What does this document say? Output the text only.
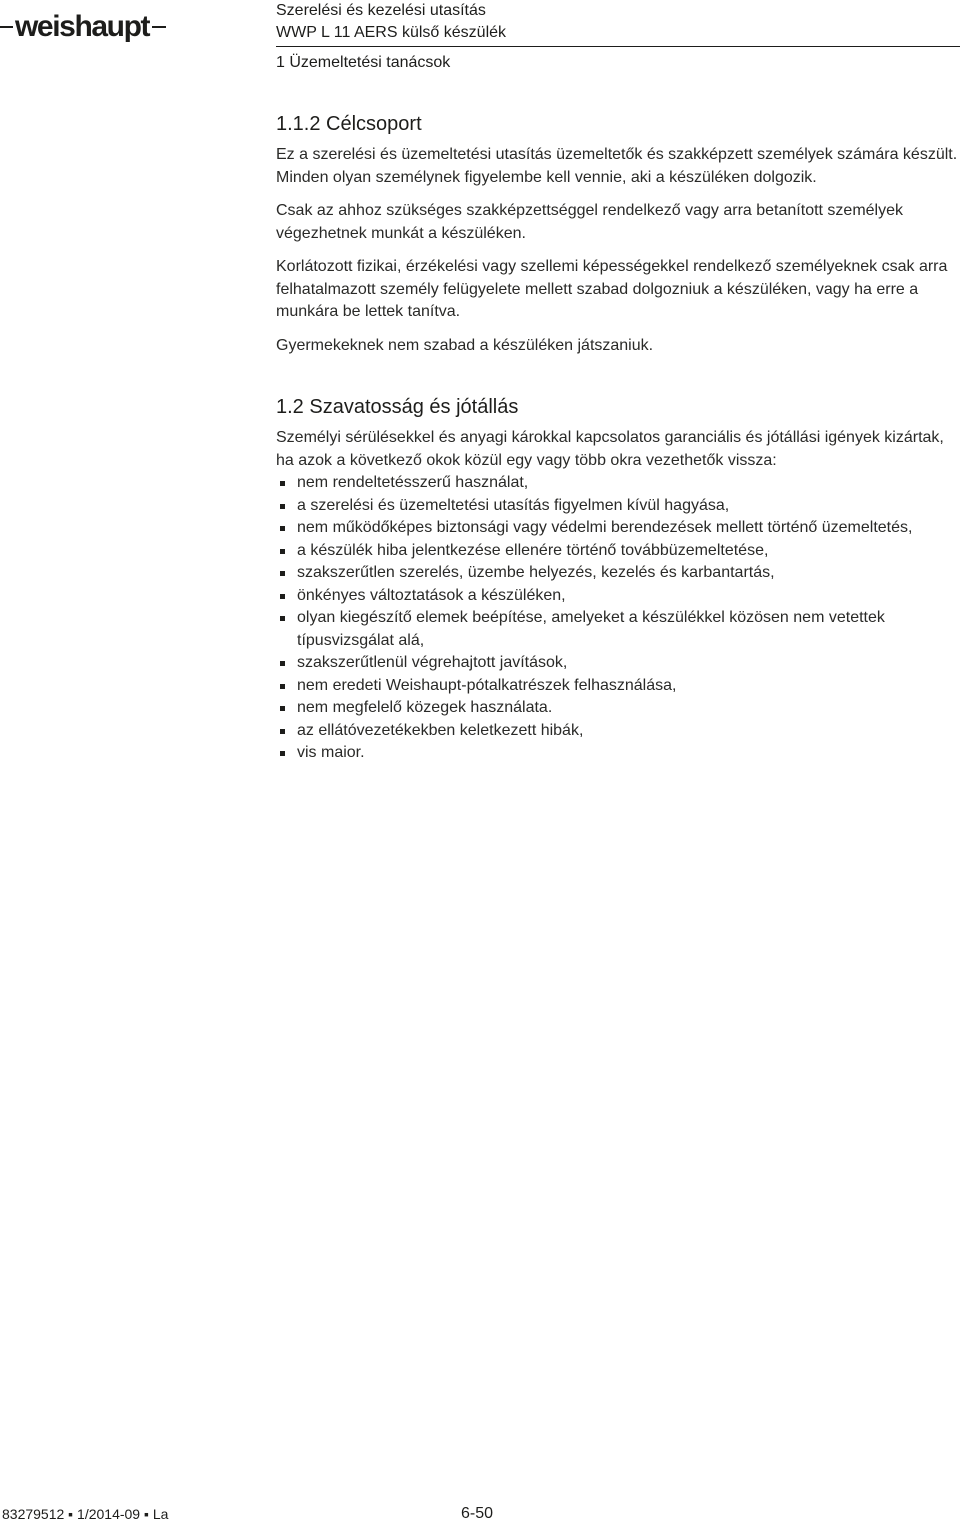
weishaupt	Szerelési és kezelési utasítás
WWP L 11 AERS külső készülék
1 Üzemeltetési tanácsok
1.1.2 Célcsoport

Ez a szerelési és üzemeltetési utasítás üzemeltetők és szakképzett személyek számára készült. Minden olyan személynek figyelembe kell vennie, aki a készüléken dolgozik.

Csak az ahhoz szükséges szakképzettséggel rendelkező vagy arra betanított személyek végezhetnek munkát a készüléken.

Korlátozott fizikai, érzékelési vagy szellemi képességekkel rendelkező személyeknek csak arra felhatalmazott személy felügyelete mellett szabad dolgozniuk a készüléken, vagy ha erre a munkára be lettek tanítva.

Gyermekeknek nem szabad a készüléken játszaniuk.

1.2 Szavatosság és jótállás

Személyi sérülésekkel és anyagi károkkal kapcsolatos garanciális és jótállási igények kizártak, ha azok a következő okok közül egy vagy több okra vezethetők vissza:

nem rendeltetésszerű használat,
a szerelési és üzemeltetési utasítás figyelmen kívül hagyása,
nem működőképes biztonsági vagy védelmi berendezések mellett történő üzemeltetés,
a készülék hiba jelentkezése ellenére történő továbbüzemeltetése,
szakszerűtlen szerelés, üzembe helyezés, kezelés és karbantartás,
önkényes változtatások a készüléken,
olyan kiegészítő elemek beépítése, amelyeket a készülékkel közösen nem vetettek típusvizsgálat alá,
szakszerűtlenül végrehajtott javítások,
nem eredeti Weishaupt-pótalkatrészek felhasználása,
nem megfelelő közegek használata.
az ellátóvezetékekben keletkezett hibák,
vis maior.
83279512 ▪ 1/2014-09 ▪ La	6-50
